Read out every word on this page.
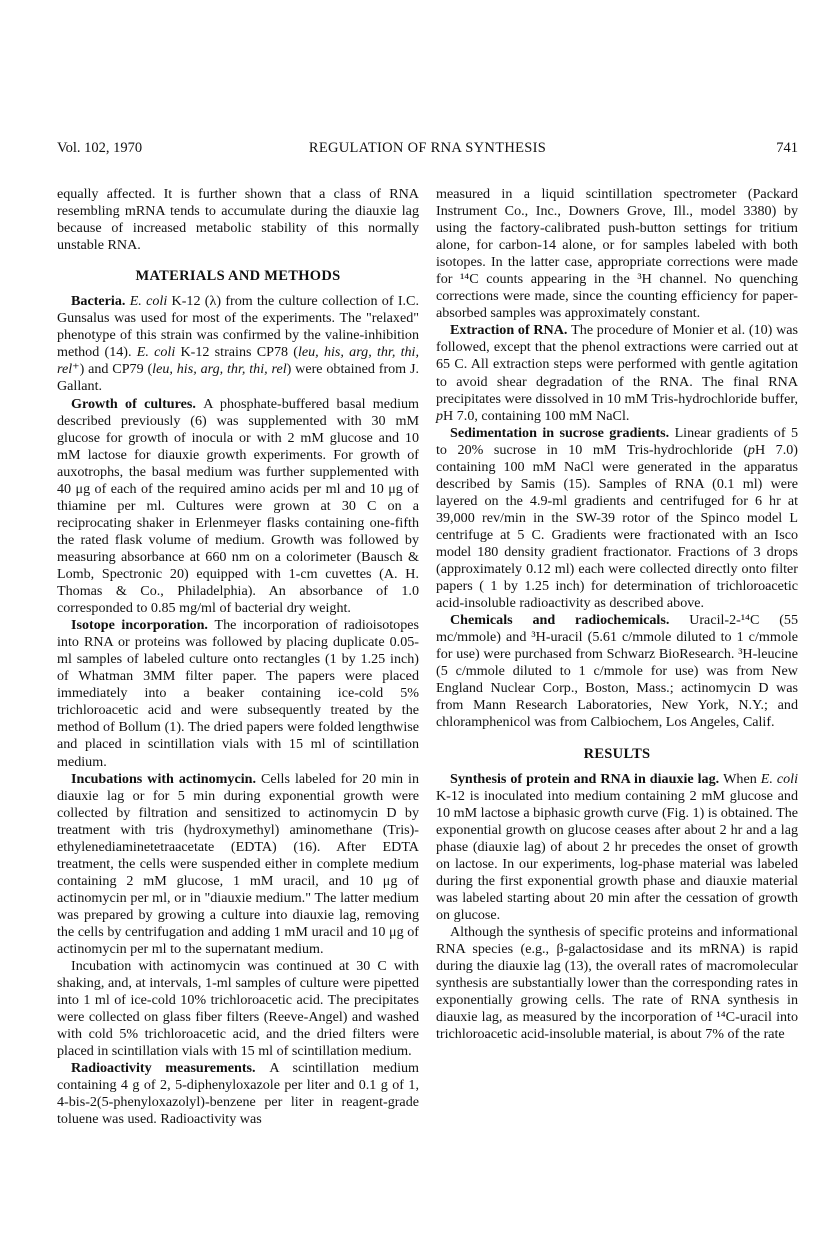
Vol. 102, 1970	REGULATION OF RNA SYNTHESIS	741

equally affected. It is further shown that a class of RNA resembling mRNA tends to accumulate during the diauxie lag because of increased metabolic stability of this normally unstable RNA.

MATERIALS AND METHODS

Bacteria. E. coli K-12 (λ) from the culture collection of I.C. Gunsalus was used for most of the experiments. The "relaxed" phenotype of this strain was confirmed by the valine-inhibition method (14). E. coli K-12 strains CP78 (leu, his, arg, thr, thi, rel⁺) and CP79 (leu, his, arg, thr, thi, rel) were obtained from J. Gallant.

Growth of cultures. A phosphate-buffered basal medium described previously (6) was supplemented with 30 mM glucose for growth of inocula or with 2 mM glucose and 10 mM lactose for diauxie growth experiments. For growth of auxotrophs, the basal medium was further supplemented with 40 μg of each of the required amino acids per ml and 10 μg of thiamine per ml. Cultures were grown at 30 C on a reciprocating shaker in Erlenmeyer flasks containing one-fifth the rated flask volume of medium. Growth was followed by measuring absorbance at 660 nm on a colorimeter (Bausch & Lomb, Spectronic 20) equipped with 1-cm cuvettes (A. H. Thomas & Co., Philadelphia). An absorbance of 1.0 corresponded to 0.85 mg/ml of bacterial dry weight.

Isotope incorporation. The incorporation of radioisotopes into RNA or proteins was followed by placing duplicate 0.05-ml samples of labeled culture onto rectangles (1 by 1.25 inch) of Whatman 3MM filter paper. The papers were placed immediately into a beaker containing ice-cold 5% trichloroacetic acid and were subsequently treated by the method of Bollum (1). The dried papers were folded lengthwise and placed in scintillation vials with 15 ml of scintillation medium.

Incubations with actinomycin. Cells labeled for 20 min in diauxie lag or for 5 min during exponential growth were collected by filtration and sensitized to actinomycin D by treatment with tris (hydroxymethyl) aminomethane (Tris)-ethylenediaminetetraacetate (EDTA) (16). After EDTA treatment, the cells were suspended either in complete medium containing 2 mM glucose, 1 mM uracil, and 10 μg of actinomycin per ml, or in "diauxie medium." The latter medium was prepared by growing a culture into diauxie lag, removing the cells by centrifugation and adding 1 mM uracil and 10 μg of actinomycin per ml to the supernatant medium.

Incubation with actinomycin was continued at 30 C with shaking, and, at intervals, 1-ml samples of culture were pipetted into 1 ml of ice-cold 10% trichloroacetic acid. The precipitates were collected on glass fiber filters (Reeve-Angel) and washed with cold 5% trichloroacetic acid, and the dried filters were placed in scintillation vials with 15 ml of scintillation medium.

Radioactivity measurements. A scintillation medium containing 4 g of 2, 5-diphenyloxazole per liter and 0.1 g of 1, 4-bis-2(5-phenyloxazolyl)-benzene per liter in reagent-grade toluene was used. Radioactivity was

measured in a liquid scintillation spectrometer (Packard Instrument Co., Inc., Downers Grove, Ill., model 3380) by using the factory-calibrated push-button settings for tritium alone, for carbon-14 alone, or for samples labeled with both isotopes. In the latter case, appropriate corrections were made for ¹⁴C counts appearing in the ³H channel. No quenching corrections were made, since the counting efficiency for paper-absorbed samples was approximately constant.

Extraction of RNA. The procedure of Monier et al. (10) was followed, except that the phenol extractions were carried out at 65 C. All extraction steps were performed with gentle agitation to avoid shear degradation of the RNA. The final RNA precipitates were dissolved in 10 mM Tris-hydrochloride buffer, pH 7.0, containing 100 mM NaCl.

Sedimentation in sucrose gradients. Linear gradients of 5 to 20% sucrose in 10 mM Tris-hydrochloride (pH 7.0) containing 100 mM NaCl were generated in the apparatus described by Samis (15). Samples of RNA (0.1 ml) were layered on the 4.9-ml gradients and centrifuged for 6 hr at 39,000 rev/min in the SW-39 rotor of the Spinco model L centrifuge at 5 C. Gradients were fractionated with an Isco model 180 density gradient fractionator. Fractions of 3 drops (approximately 0.12 ml) each were collected directly onto filter papers ( 1 by 1.25 inch) for determination of trichloroacetic acid-insoluble radioactivity as described above.

Chemicals and radiochemicals. Uracil-2-¹⁴C (55 mc/mmole) and ³H-uracil (5.61 c/mmole diluted to 1 c/mmole for use) were purchased from Schwarz BioResearch. ³H-leucine (5 c/mmole diluted to 1 c/mmole for use) was from New England Nuclear Corp., Boston, Mass.; actinomycin D was from Mann Research Laboratories, New York, N.Y.; and chloramphenicol was from Calbiochem, Los Angeles, Calif.

RESULTS

Synthesis of protein and RNA in diauxie lag. When E. coli K-12 is inoculated into medium containing 2 mM glucose and 10 mM lactose a biphasic growth curve (Fig. 1) is obtained. The exponential growth on glucose ceases after about 2 hr and a lag phase (diauxie lag) of about 2 hr precedes the onset of growth on lactose. In our experiments, log-phase material was labeled during the first exponential growth phase and diauxie material was labeled starting about 20 min after the cessation of growth on glucose.

Although the synthesis of specific proteins and informational RNA species (e.g., β-galactosidase and its mRNA) is rapid during the diauxie lag (13), the overall rates of macromolecular synthesis are substantially lower than the corresponding rates in exponentially growing cells. The rate of RNA synthesis in diauxie lag, as measured by the incorporation of ¹⁴C-uracil into trichloroacetic acid-insoluble material, is about 7% of the rate
